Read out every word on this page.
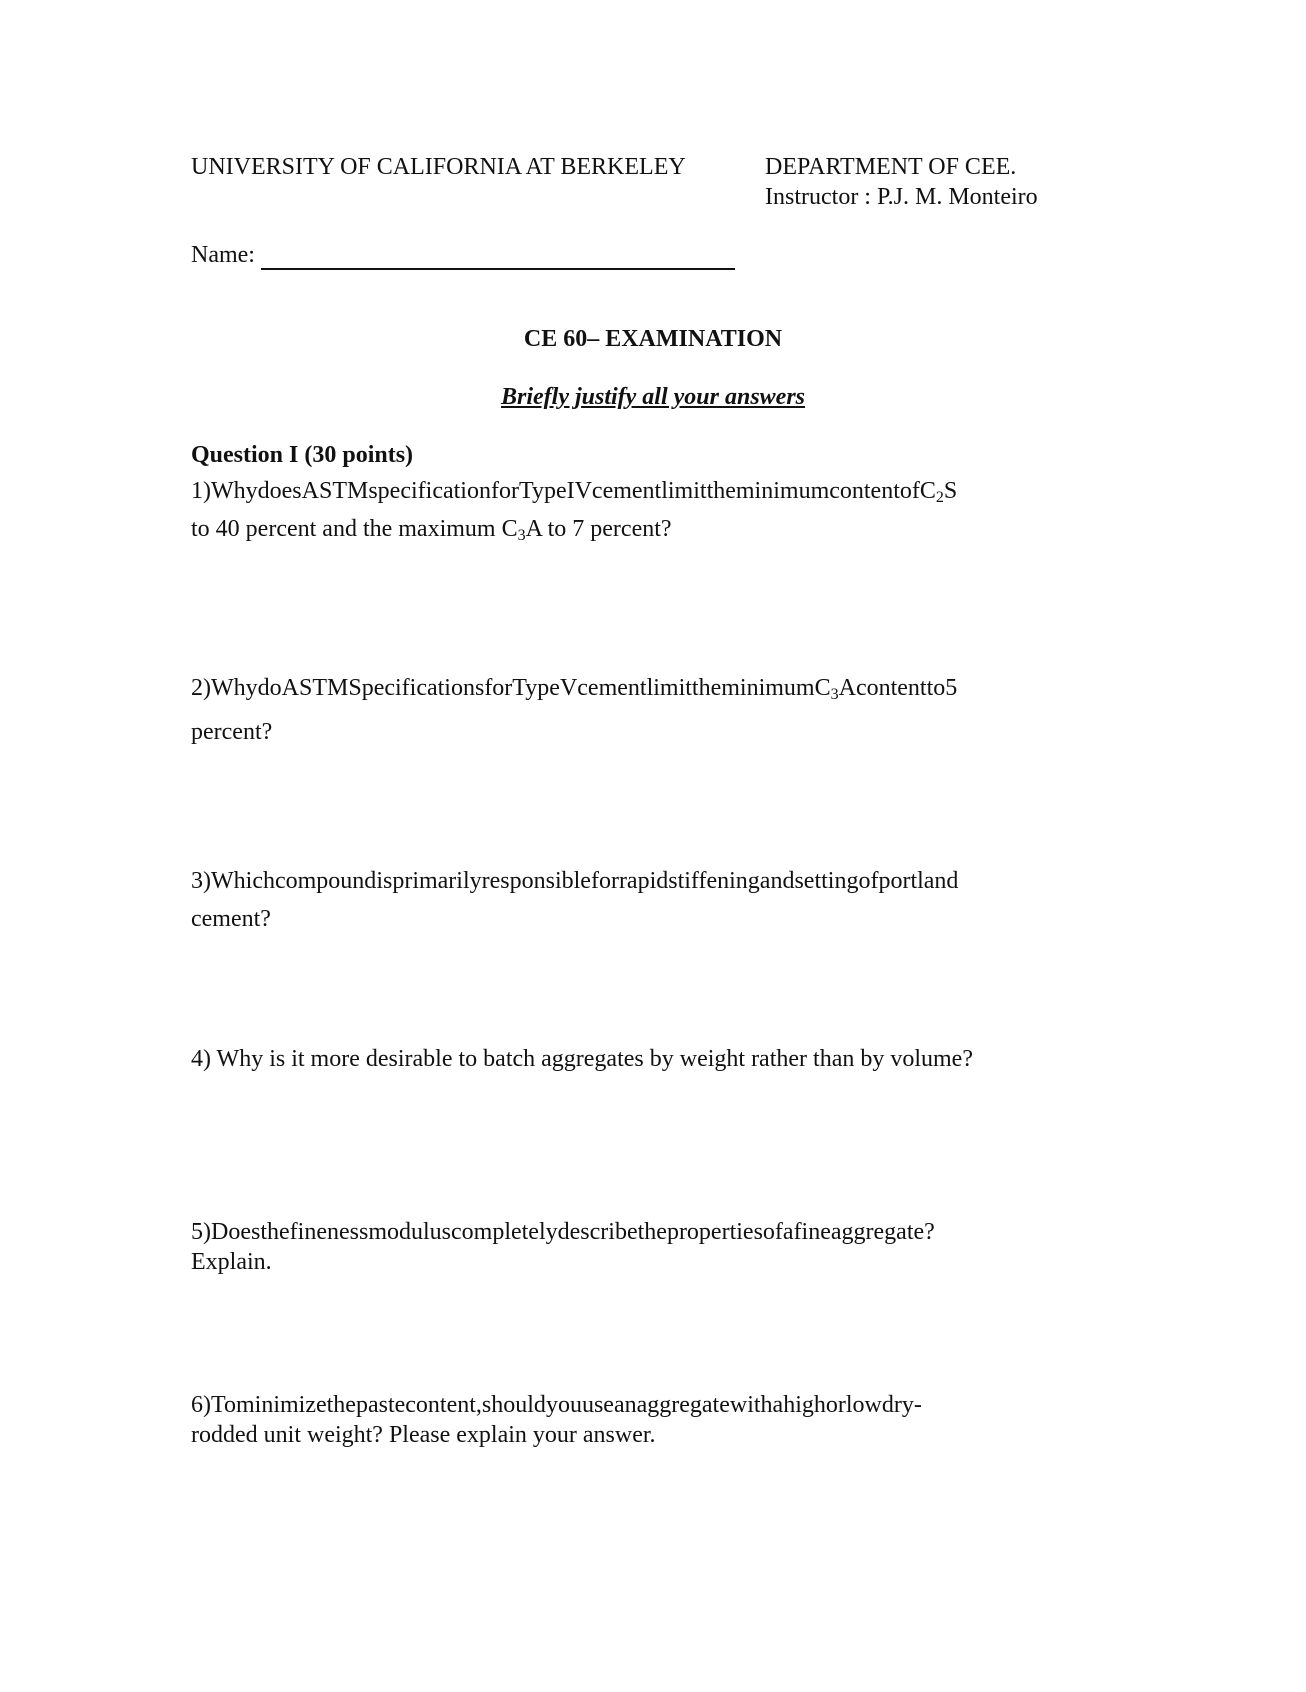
UNIVERSITY OF CALIFORNIA AT BERKELEY	DEPARTMENT OF CEE.
Instructor : P.J. M. Monteiro
Name:
CE 60– EXAMINATION
Briefly justify all your answers
Question I (30 points)
1)WhydoesASTMspecificationforTypeIVcementlimittheminimumcontentofC$_2$S
to 40 percent and the maximum $C_3A$ to 7 percent?
2)WhydoASTMSpecificationsforTypeVcementlimittheminimumC$_3$Acontentto5
percent?
3)Whichcompoundisprimarilyresponsibleforrapidstiffeningandsettingofportland
cement?
4) Why is it more desirable to batch aggregates by weight rather than by volume?
5)Doesthefinenessmoduluscompletelydescribethepropertiesofafineaggregate?
Explain.
6)Tominimizethepastecontent,shouldyouuseanaggregatewithahighorlowdry-
rodded unit weight? Please explain your answer.
